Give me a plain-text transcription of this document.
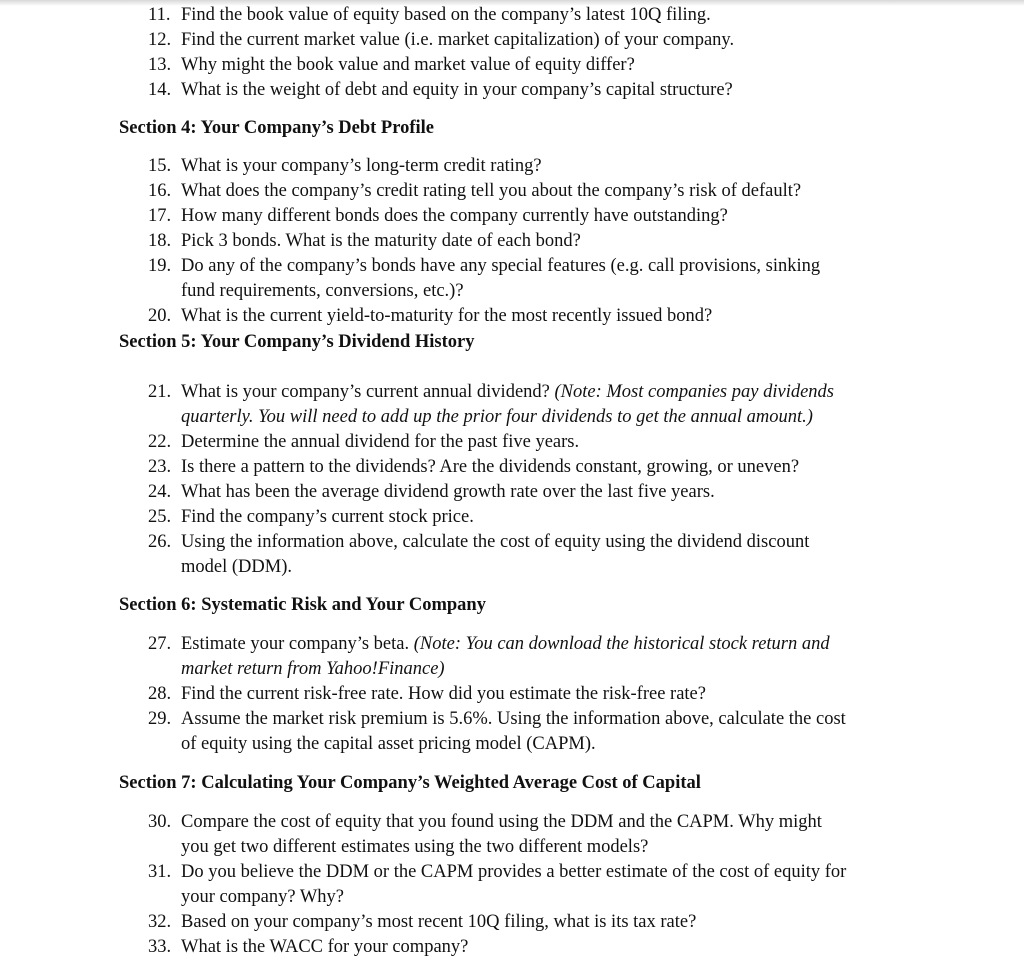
11. Find the book value of equity based on the company’s latest 10Q filing.
12. Find the current market value (i.e. market capitalization) of your company.
13. Why might the book value and market value of equity differ?
14. What is the weight of debt and equity in your company’s capital structure?
Section 4: Your Company’s Debt Profile
15. What is your company’s long-term credit rating?
16. What does the company’s credit rating tell you about the company’s risk of default?
17. How many different bonds does the company currently have outstanding?
18. Pick 3 bonds. What is the maturity date of each bond?
19. Do any of the company’s bonds have any special features (e.g. call provisions, sinking
fund requirements, conversions, etc.)?
20. What is the current yield-to-maturity for the most recently issued bond?
Section 5: Your Company’s Dividend History
21. What is your company’s current annual dividend? (Note: Most companies pay dividends
quarterly. You will need to add up the prior four dividends to get the annual amount.)
22. Determine the annual dividend for the past five years.
23. Is there a pattern to the dividends? Are the dividends constant, growing, or uneven?
24. What has been the average dividend growth rate over the last five years.
25. Find the company’s current stock price.
26. Using the information above, calculate the cost of equity using the dividend discount
model (DDM).
Section 6: Systematic Risk and Your Company
27. Estimate your company’s beta. (Note: You can download the historical stock return and
market return from Yahoo!Finance)
28. Find the current risk-free rate. How did you estimate the risk-free rate?
29. Assume the market risk premium is 5.6%. Using the information above, calculate the cost
of equity using the capital asset pricing model (CAPM).
Section 7: Calculating Your Company’s Weighted Average Cost of Capital
30. Compare the cost of equity that you found using the DDM and the CAPM. Why might
you get two different estimates using the two different models?
31. Do you believe the DDM or the CAPM provides a better estimate of the cost of equity for
your company? Why?
32. Based on your company’s most recent 10Q filing, what is its tax rate?
33. What is the WACC for your company?
